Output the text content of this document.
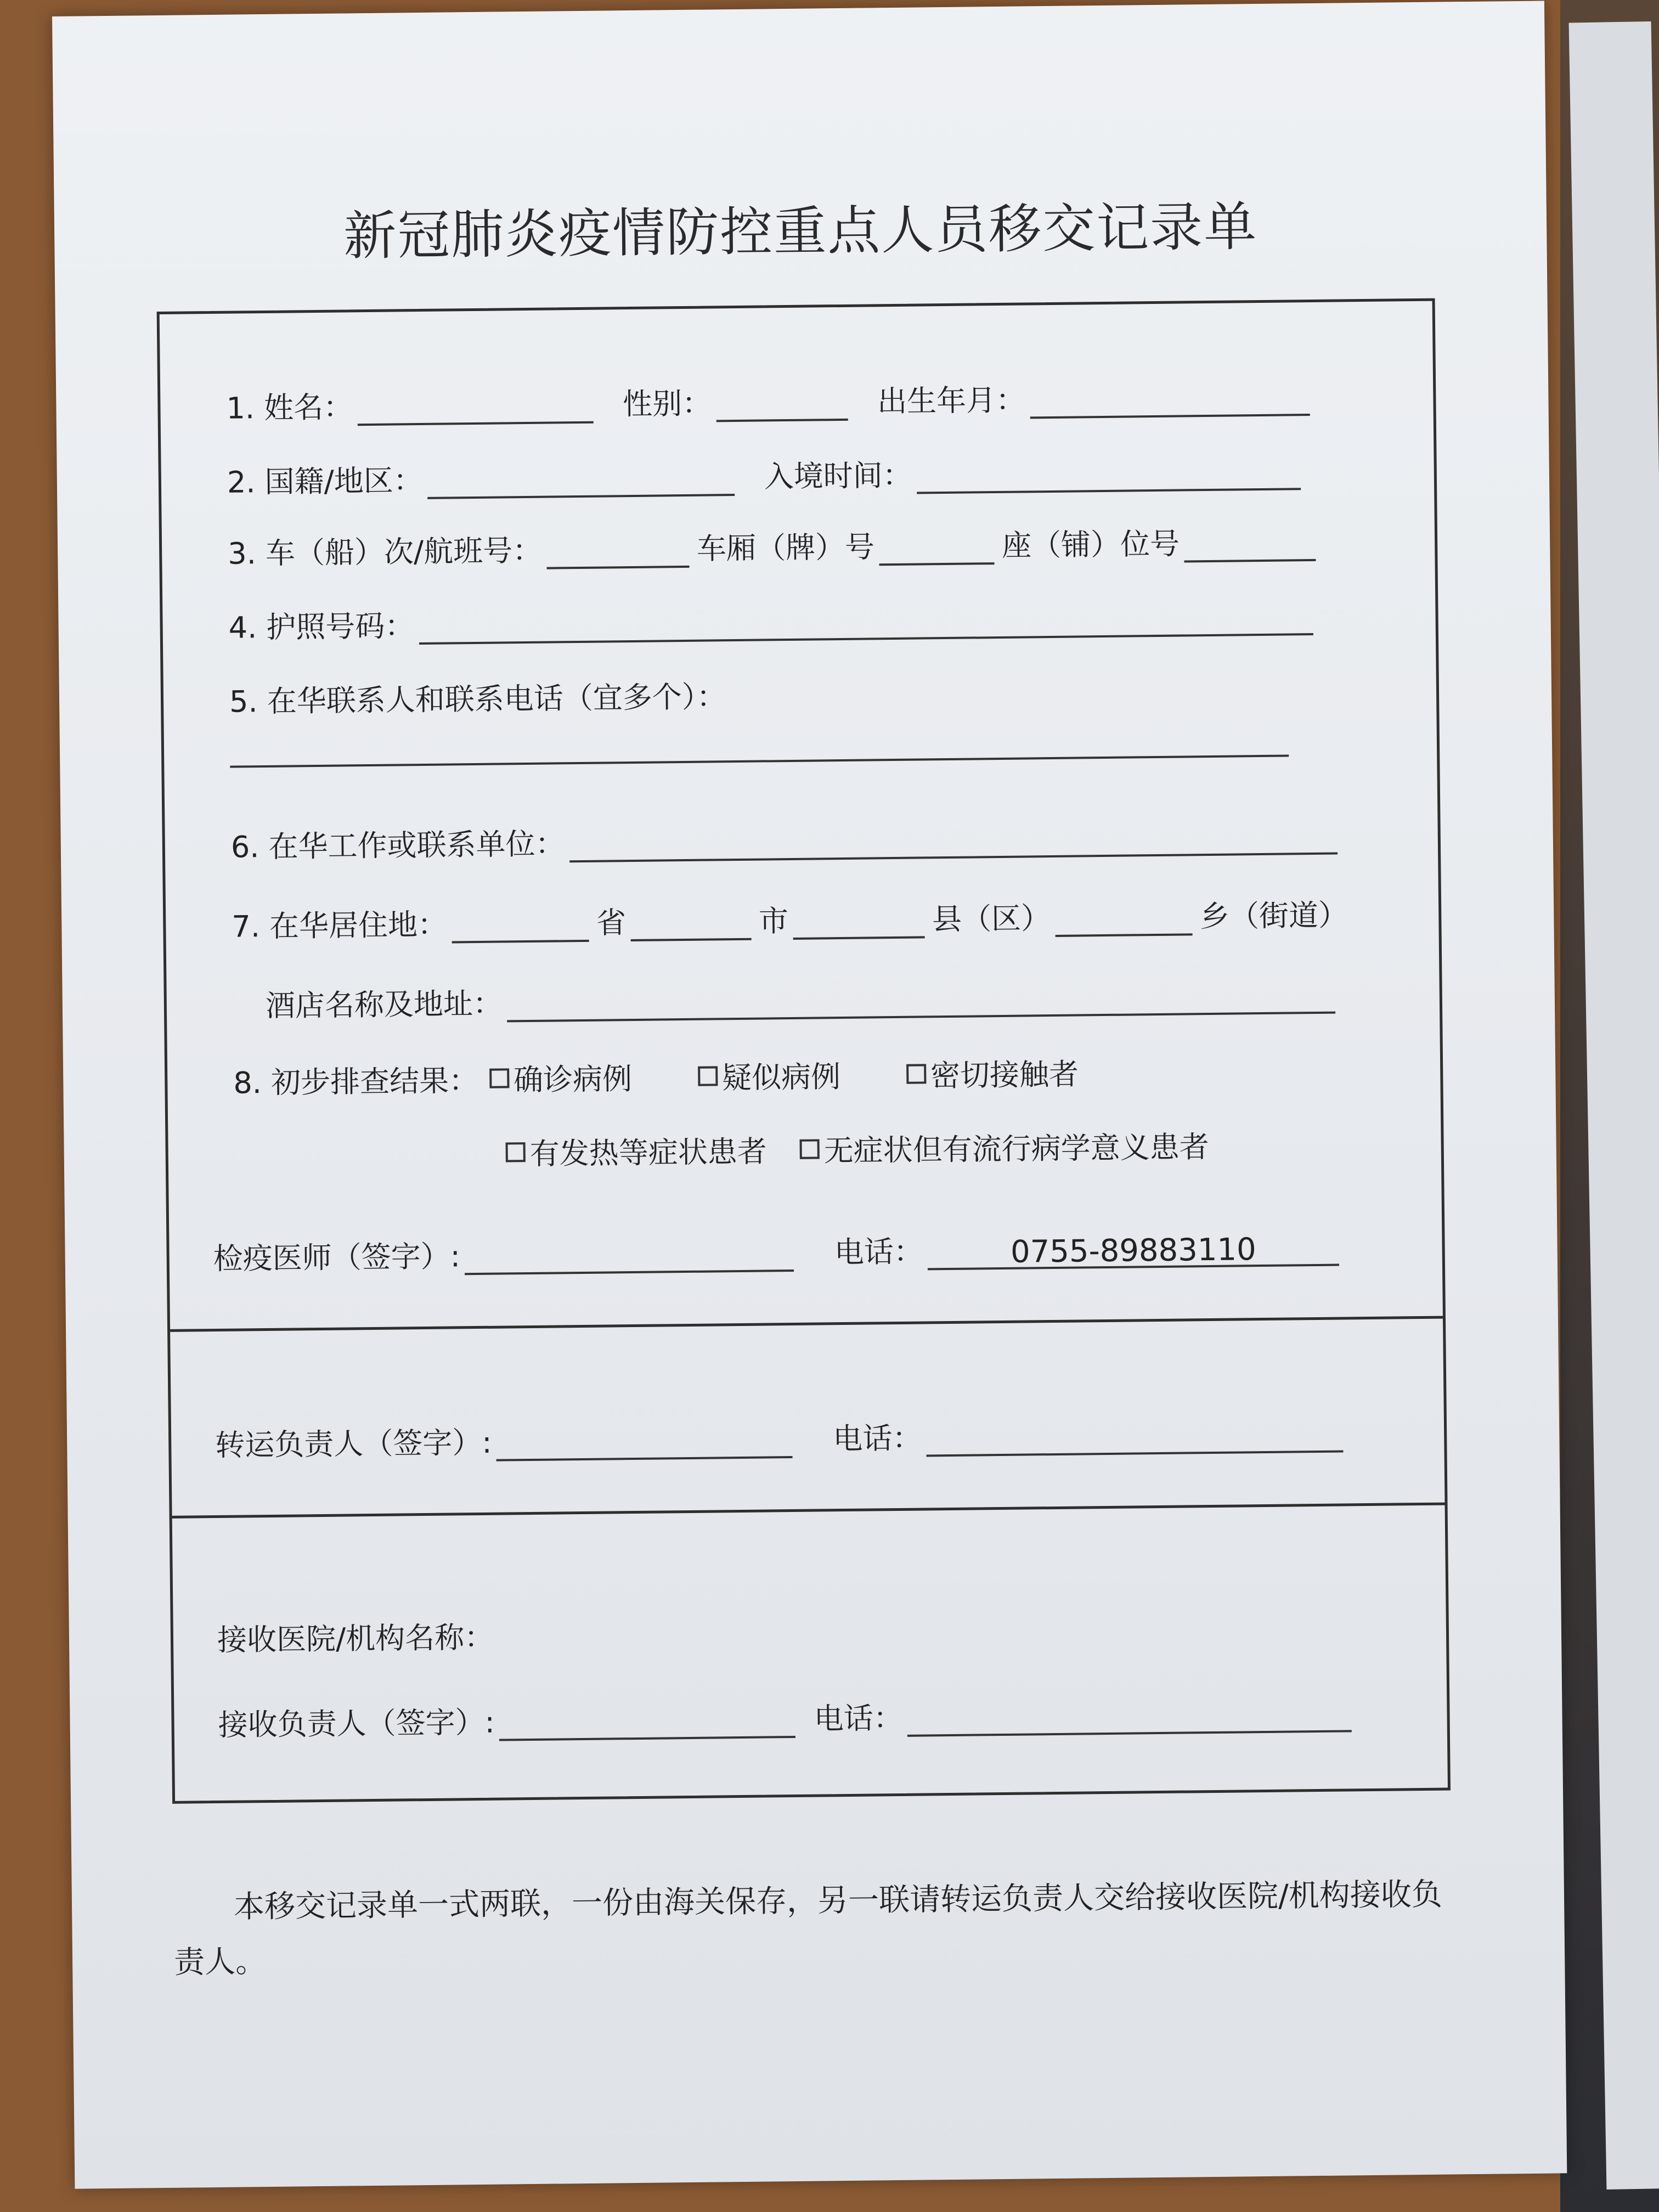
新冠肺炎疫情防控重点人员移交记录单
1. 姓名：	性别：	出生年月：
2. 国籍/地区：	入境时间：
3. 车（船）次/航班号：	车厢（牌）号	座（铺）位号
4. 护照号码：
5. 在华联系人和联系电话（宜多个）：
6. 在华工作或联系单位：
7. 在华居住地：	省	市	县（区）	乡（街道）
酒店名称及地址：
8. 初步排查结果： 确诊病例	疑似病例	密切接触者
有发热等症状患者 无症状但有流行病学意义患者
检疫医师（签字）:	电话：	0755-89883110
转运负责人（签字）:	电话：
接收医院/机构名称：
接收负责人（签字）:	电话：
本移交记录单一式两联，一份由海关保存，另一联请转运负责人交给接收医院/机构接收负责人。
